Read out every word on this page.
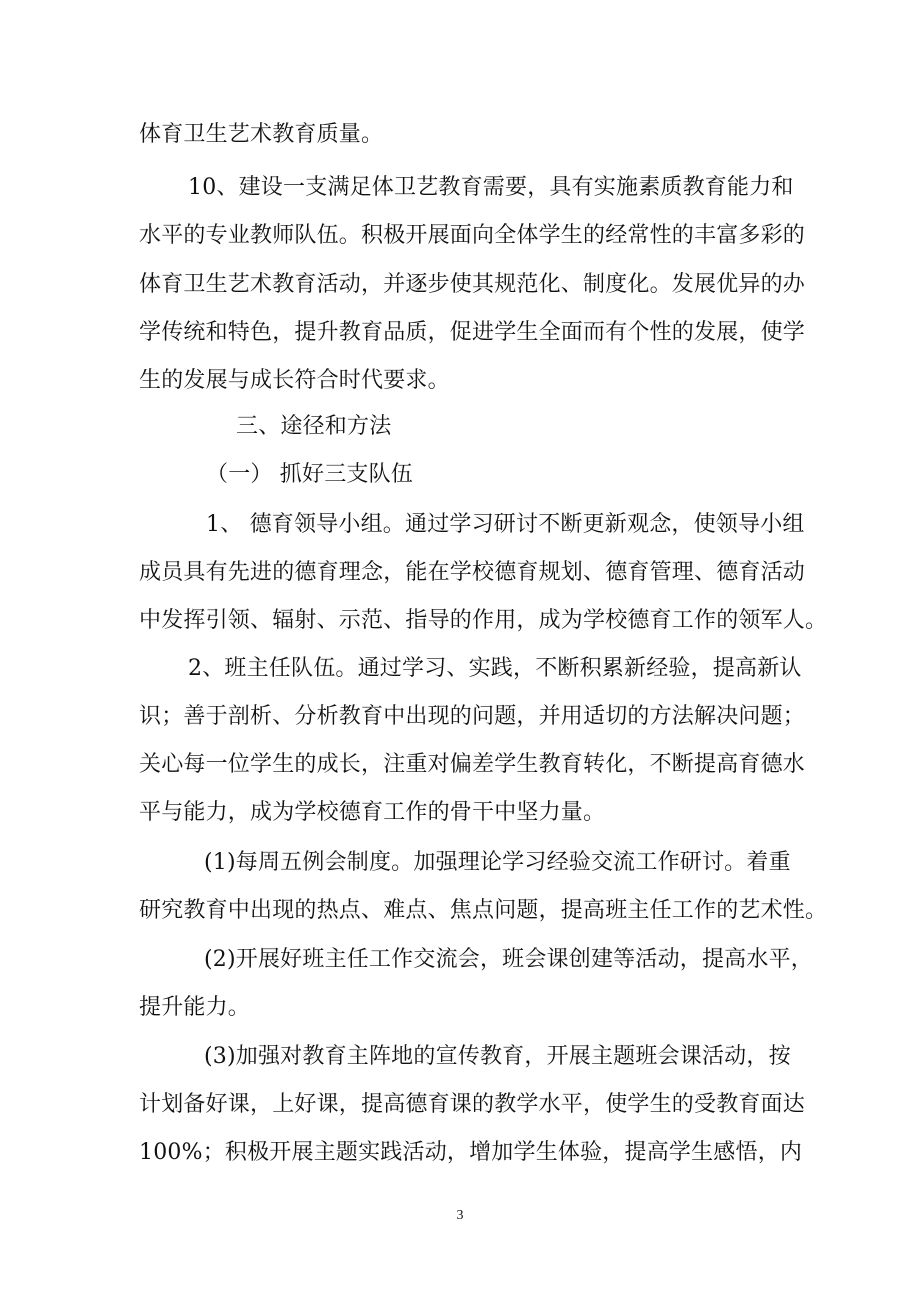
体育卫生艺术教育质量。
10、建设一支满足体卫艺教育需要，具有实施素质教育能力和
水平的专业教师队伍。积极开展面向全体学生的经常性的丰富多彩的
体育卫生艺术教育活动，并逐步使其规范化、制度化。发展优异的办
学传统和特色，提升教育品质，促进学生全面而有个性的发展，使学
生的发展与成长符合时代要求。
三、途径和方法
（一） 抓好三支队伍
1、 德育领导小组。通过学习研讨不断更新观念，使领导小组
成员具有先进的德育理念，能在学校德育规划、德育管理、德育活动
中发挥引领、辐射、示范、指导的作用，成为学校德育工作的领军人。
2、班主任队伍。通过学习、实践，不断积累新经验，提高新认
识；善于剖析、分析教育中出现的问题，并用适切的方法解决问题；
关心每一位学生的成长，注重对偏差学生教育转化，不断提高育德水
平与能力，成为学校德育工作的骨干中坚力量。
(1)每周五例会制度。加强理论学习经验交流工作研讨。着重
研究教育中出现的热点、难点、焦点问题，提高班主任工作的艺术性。
(2)开展好班主任工作交流会，班会课创建等活动，提高水平，
提升能力。
(3)加强对教育主阵地的宣传教育，开展主题班会课活动，按
计划备好课，上好课，提高德育课的教学水平，使学生的受教育面达
100%；积极开展主题实践活动，增加学生体验，提高学生感悟，内
3
